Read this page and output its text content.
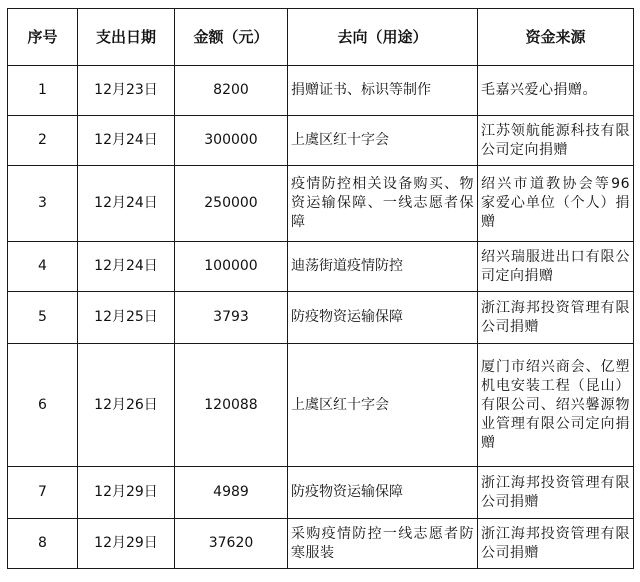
序号	支出日期	金额（元）	去向（用途）	资金来源
1	12月23日	8200	捐赠证书、标识等制作	毛嘉兴爱心捐赠。
2	12月24日	300000	上虞区红十字会	江苏领航能源科技有限公司定向捐赠
3	12月24日	250000	疫情防控相关设备购买、物资运输保障、一线志愿者保障	绍兴市道教协会等96家爱心单位（个人）捐赠
4	12月24日	100000	迪荡街道疫情防控	绍兴瑞服进出口有限公司定向捐赠
5	12月25日	3793	防疫物资运输保障	浙江海邦投资管理有限公司捐赠
6	12月26日	120088	上虞区红十字会	厦门市绍兴商会、亿塑机电安装工程（昆山）有限公司、绍兴馨源物业管理有限公司定向捐赠
7	12月29日	4989	防疫物资运输保障	浙江海邦投资管理有限公司捐赠
8	12月29日	37620	采购疫情防控一线志愿者防寒服装	浙江海邦投资管理有限公司捐赠
